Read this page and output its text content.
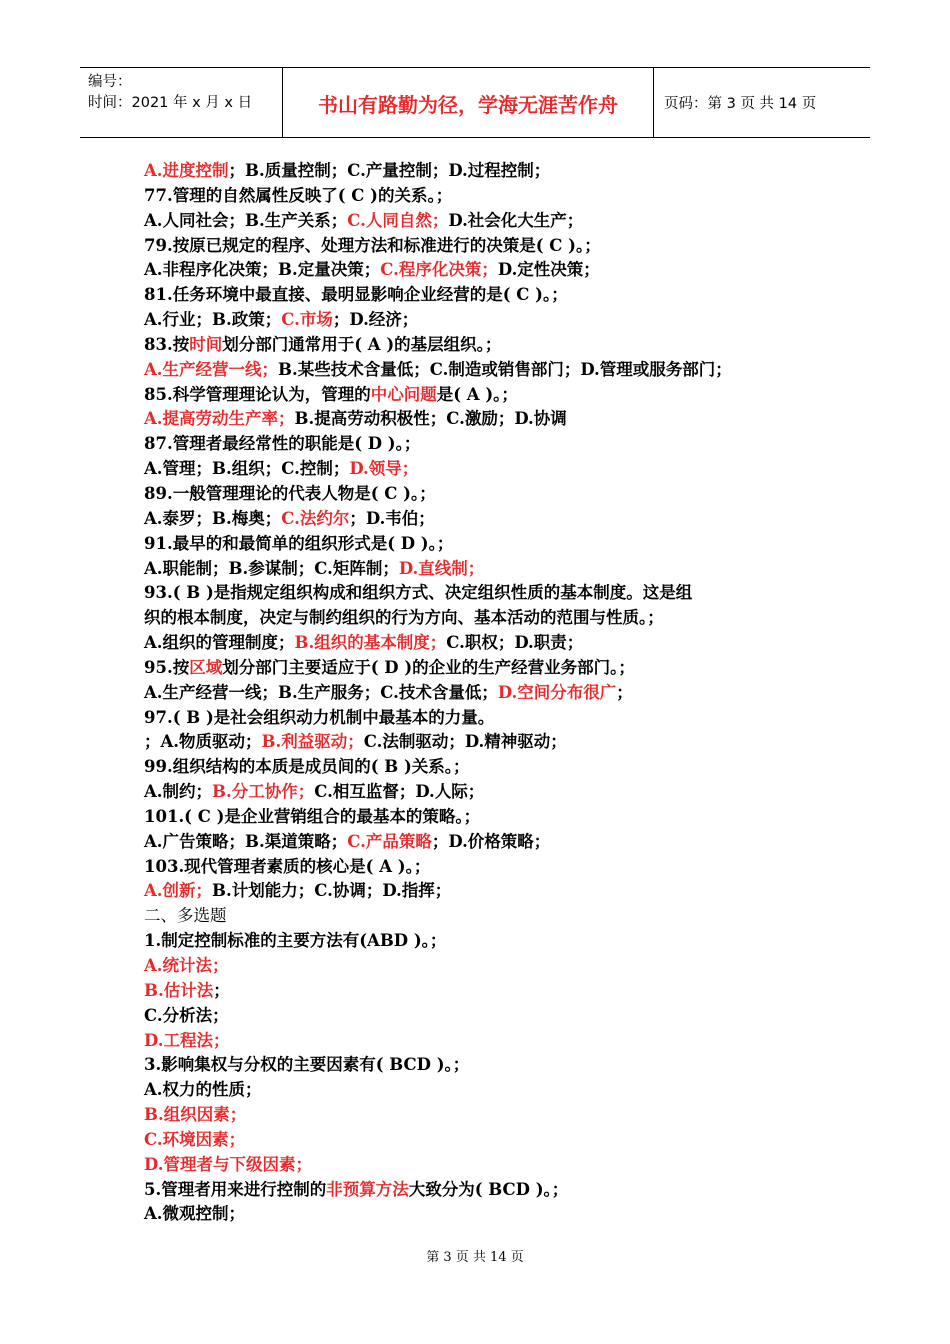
编号：
时间：2021 年 x 月 x 日	书山有路勤为径，学海无涯苦作舟	页码：第 3 页 共 14 页
A.进度控制；B.质量控制；C.产量控制；D.过程控制；
77.管理的自然属性反映了( C )的关系。；
A.人同社会；B.生产关系；C.人同自然；D.社会化大生产；
79.按原已规定的程序、处理方法和标准进行的决策是( C )。；
A.非程序化决策；B.定量决策；C.程序化决策；D.定性决策；
81.任务环境中最直接、最明显影响企业经营的是( C )。；
A.行业；B.政策；C.市场；D.经济；
83.按时间划分部门通常用于( A )的基层组织。；
A.生产经营一线；B.某些技术含量低；C.制造或销售部门；D.管理或服务部门；
85.科学管理理论认为，管理的中心问题是( A )。；
A.提高劳动生产率；B.提高劳动积极性；C.激励；D.协调
87.管理者最经常性的职能是( D )。；
A.管理；B.组织；C.控制；D.领导；
89.一般管理理论的代表人物是( C )。；
A.泰罗；B.梅奥；C.法约尔；D.韦伯；
91.最早的和最简单的组织形式是( D )。；
A.职能制；B.参谋制；C.矩阵制；D.直线制；
93.( B )是指规定组织构成和组织方式、决定组织性质的基本制度。这是组
织的根本制度，决定与制约组织的行为方向、基本活动的范围与性质。；
A.组织的管理制度；B.组织的基本制度；C.职权；D.职责；
95.按区域划分部门主要适应于( D )的企业的生产经营业务部门。；
A.生产经营一线；B.生产服务；C.技术含量低；D.空间分布很广；
97.( B )是社会组织动力机制中最基本的力量。
；A.物质驱动；B.利益驱动；C.法制驱动；D.精神驱动；
99.组织结构的本质是成员间的( B )关系。；
A.制约；B.分工协作；C.相互监督；D.人际；
101.( C )是企业营销组合的最基本的策略。；
A.广告策略；B.渠道策略；C.产品策略；D.价格策略；
103.现代管理者素质的核心是( A )。；
A.创新；B.计划能力；C.协调；D.指挥；
二、多选题
1.制定控制标准的主要方法有(ABD )。；
A.统计法；
B.估计法；
C.分析法；
D.工程法；
3.影响集权与分权的主要因素有( BCD )。；
A.权力的性质；
B.组织因素；
C.环境因素；
D.管理者与下级因素；
5.管理者用来进行控制的非预算方法大致分为( BCD )。；
A.微观控制；
第 3 页 共 14 页
